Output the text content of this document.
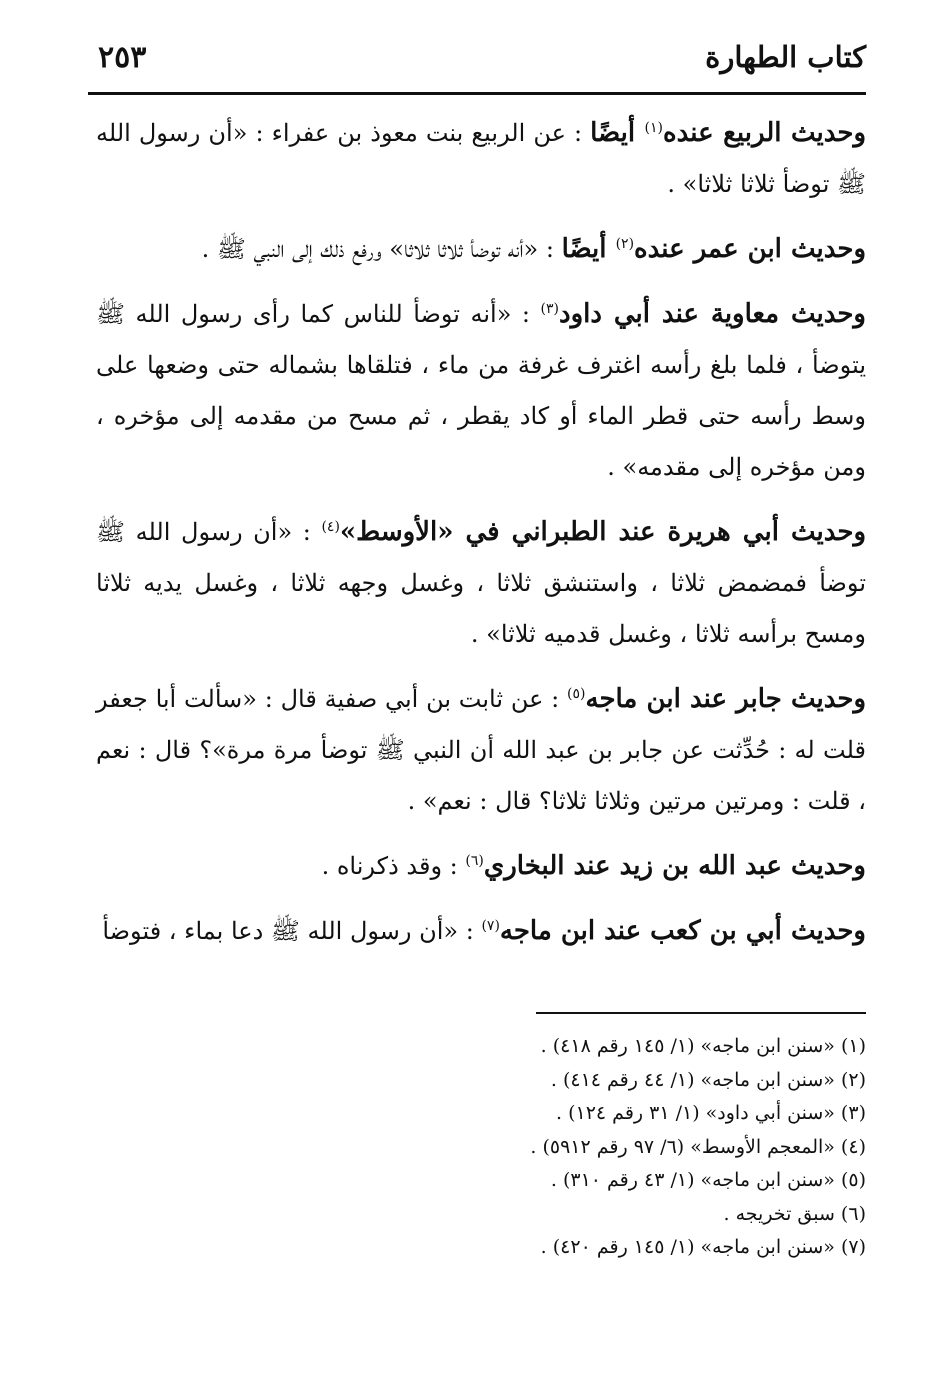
٢٥٣	كتاب الطهارة

وحديث الربيع عنده$^{(١)}$ أيضًا : عن الربيع بنت معوذ بن عفراء : «أن رسول الله ﷺ توضأ ثلاثا ثلاثا» .

وحديث ابن عمر عنده$^{(٢)}$ أيضًا : «أنه توضأ ثلاثا ثلاثا» ورفع ذلك إلى النبي ﷺ .

وحديث معاوية عند أبي داود$^{(٣)}$ : «أنه توضأ للناس كما رأى رسول الله ﷺ يتوضأ ، فلما بلغ رأسه اغترف غرفة من ماء ، فتلقاها بشماله حتى وضعها على وسط رأسه حتى قطر الماء أو كاد يقطر ، ثم مسح من مقدمه إلى مؤخره ، ومن مؤخره إلى مقدمه» .

وحديث أبي هريرة عند الطبراني في «الأوسط»$^{(٤)}$ : «أن رسول الله ﷺ توضأ فمضمض ثلاثا ، واستنشق ثلاثا ، وغسل وجهه ثلاثا ، وغسل يديه ثلاثا ومسح برأسه ثلاثا ، وغسل قدميه ثلاثا» .

وحديث جابر عند ابن ماجه$^{(٥)}$ : عن ثابت بن أبي صفية قال : «سألت أبا جعفر قلت له : حُدِّثت عن جابر بن عبد الله أن النبي ﷺ توضأ مرة مرة»؟ قال : نعم ، قلت : ومرتين مرتين وثلاثا ثلاثا؟ قال : نعم» .

وحديث عبد الله بن زيد عند البخاري$^{(٦)}$ : وقد ذكرناه .

وحديث أبي بن كعب عند ابن ماجه$^{(٧)}$ : «أن رسول الله ﷺ دعا بماء ، فتوضأ

(١) «سنن ابن ماجه» (١/ ١٤٥ رقم ٤١٨) .

(٢) «سنن ابن ماجه» (١/ ٤٤ رقم ٤١٤) .

(٣) «سنن أبي داود» (١/ ٣١ رقم ١٢٤) .

(٤) «المعجم الأوسط» (٦/ ٩٧ رقم ٥٩١٢) .

(٥) «سنن ابن ماجه» (١/ ٤٣ رقم ٣١٠) .

(٦) سبق تخريجه .

(٧) «سنن ابن ماجه» (١/ ١٤٥ رقم ٤٢٠) .
